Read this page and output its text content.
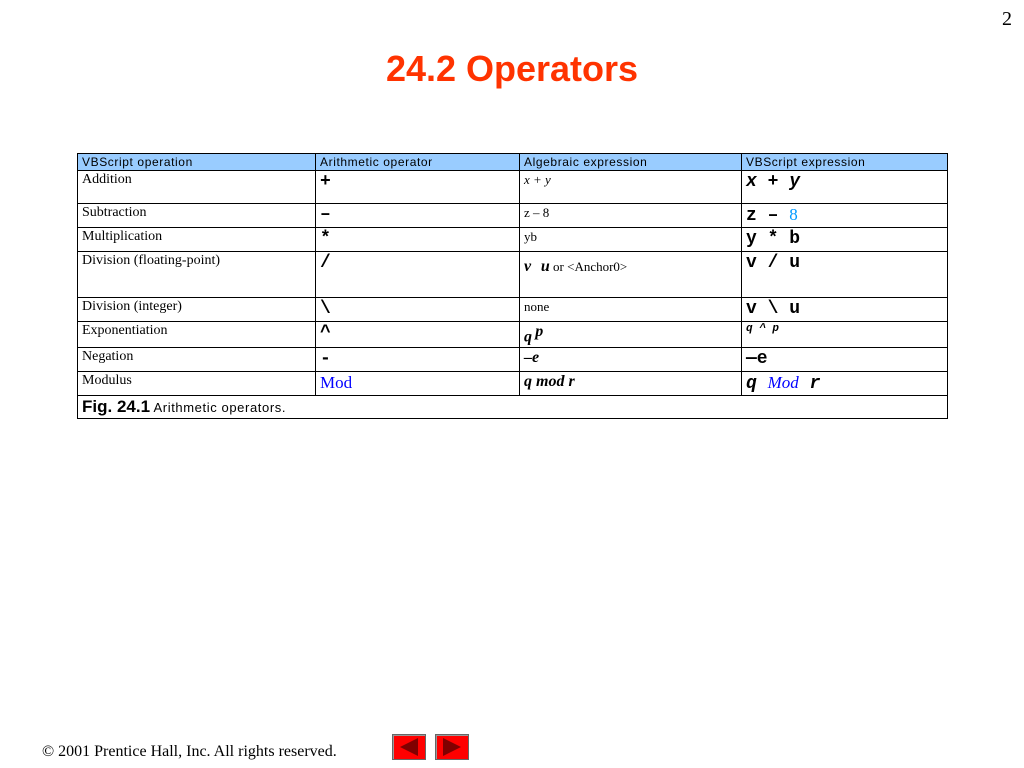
2
24.2 Operators
VBScript operation	Arithmetic operator	Algebraic expression	VBScript expression
Addition	+	x + y	x + y
Subtraction	–	z – 8	z – 8
Multiplication	*	yb	y * b
Division (floating-point)	/	v u or <Anchor0>	v / u
Division (integer)	\	none	v \ u
Exponentiation	^	q $^p$	q ^ p
Negation	-	–e	—e
Modulus	Mod	q mod r	q Mod r
Fig. 24.1 Arithmetic operators.			
© 2001 Prentice Hall, Inc. All rights reserved.
